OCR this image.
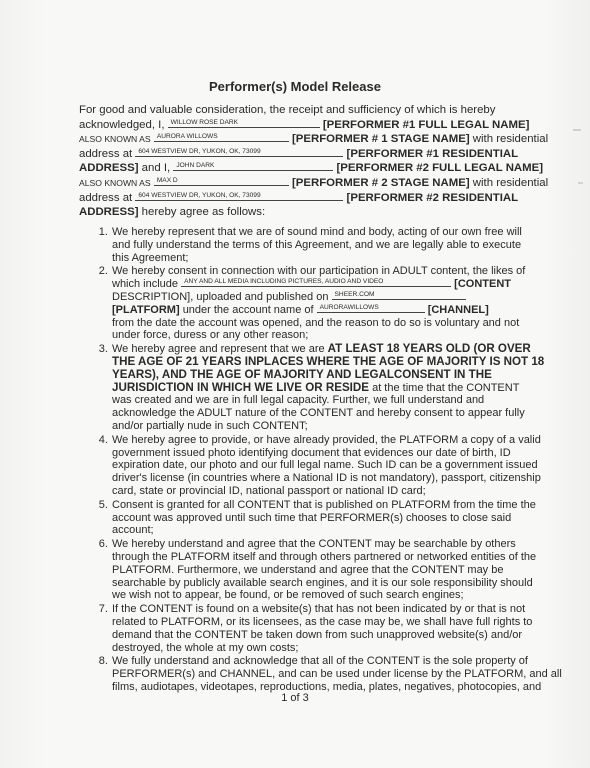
Performer(s) Model Release
For good and valuable consideration, the receipt and sufficiency of which is hereby
acknowledged, I, WILLOW ROSE DARK	[PERFORMER #1 FULL LEGAL NAME]
ALSO KNOWN AS AURORA WILLOWS	[PERFORMER # 1 STAGE NAME] with residential
address at 604 WESTVIEW DR, YUKON, OK, 73099	[PERFORMER #1 RESIDENTIAL
ADDRESS] and I, JOHN DARK	[PERFORMER #2 FULL LEGAL NAME]
ALSO KNOWN AS MAX D	[PERFORMER # 2 STAGE NAME] with residential
address at 604 WESTVIEW DR, YUKON, OK, 73099	[PERFORMER #2 RESIDENTIAL
ADDRESS] hereby agree as follows:
1. We hereby represent that we are of sound mind and body, acting of our own free will
and fully understand the terms of this Agreement, and we are legally able to execute
this Agreement;
2. We hereby consent in connection with our participation in ADULT content, the likes of
which include ANY AND ALL MEDIA INCLUDING PICTURES, AUDIO AND VIDEO	[CONTENT
DESCRIPTION], uploaded and published on SHEER.COM
[PLATFORM] under the account name of AURORAWILLOWS	[CHANNEL]
from the date the account was opened, and the reason to do so is voluntary and not
under force, duress or any other reason;
3. We hereby agree and represent that we are AT LEAST 18 YEARS OLD (OR OVER
THE AGE OF 21 YEARS INPLACES WHERE THE AGE OF MAJORITY IS NOT 18
YEARS), AND THE AGE OF MAJORITY AND LEGALCONSENT IN THE
JURISDICTION IN WHICH WE LIVE OR RESIDE at the time that the CONTENT
was created and we are in full legal capacity. Further, we full understand and
acknowledge the ADULT nature of the CONTENT and hereby consent to appear fully
and/or partially nude in such CONTENT;
4. We hereby agree to provide, or have already provided, the PLATFORM a copy of a valid
government issued photo identifying document that evidences our date of birth, ID
expiration date, our photo and our full legal name. Such ID can be a government issued
driver's license (in countries where a National ID is not mandatory), passport, citizenship
card, state or provincial ID, national passport or national ID card;
5. Consent is granted for all CONTENT that is published on PLATFORM from the time the
account was approved until such time that PERFORMER(s) chooses to close said
account;
6. We hereby understand and agree that the CONTENT may be searchable by others
through the PLATFORM itself and through others partnered or networked entities of the
PLATFORM. Furthermore, we understand and agree that the CONTENT may be
searchable by publicly available search engines, and it is our sole responsibility should
we wish not to appear, be found, or be removed of such search engines;
7. If the CONTENT is found on a website(s) that has not been indicated by or that is not
related to PLATFORM, or its licensees, as the case may be, we shall have full rights to
demand that the CONTENT be taken down from such unapproved website(s) and/or
destroyed, the whole at my own costs;
8. We fully understand and acknowledge that all of the CONTENT is the sole property of
PERFORMER(s) and CHANNEL, and can be used under license by the PLATFORM, and all
films, audiotapes, videotapes, reproductions, media, plates, negatives, photocopies, and
1 of 3
